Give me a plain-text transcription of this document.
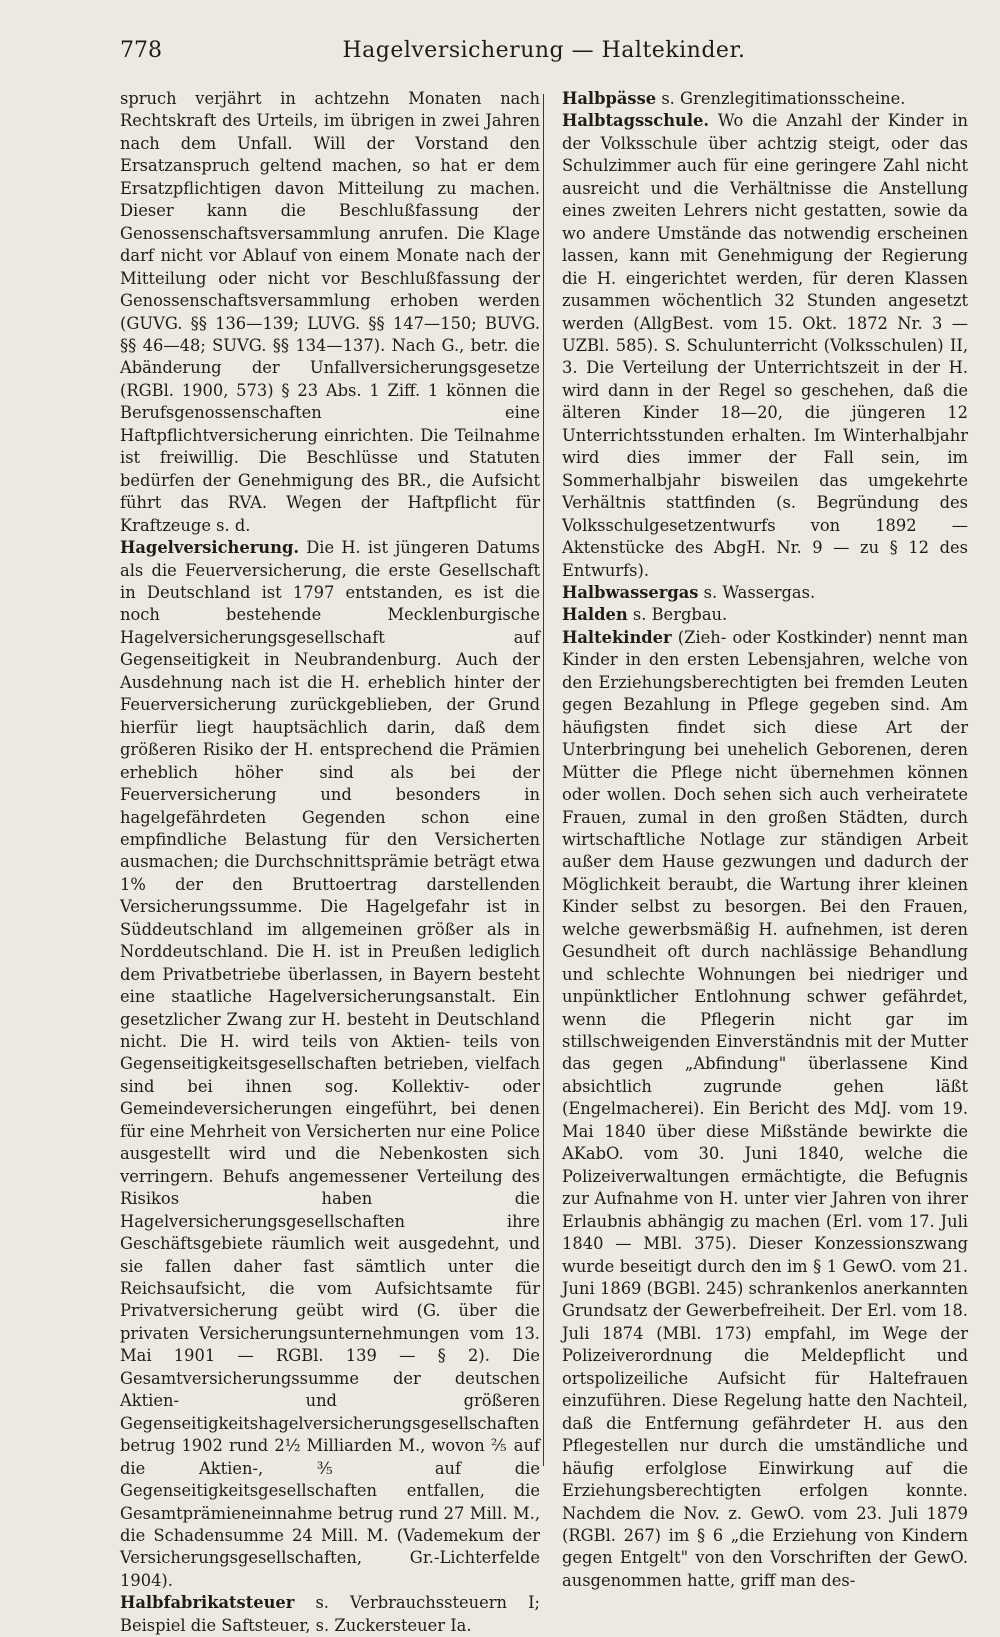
778	Hagelversicherung — Haltekinder.

spruch verjährt in achtzehn Monaten nach Rechtskraft des Urteils, im übrigen in zwei Jahren nach dem Unfall. Will der Vorstand den Ersatzanspruch geltend machen, so hat er dem Ersatzpflichtigen davon Mitteilung zu machen. Dieser kann die Beschlußfassung der Genossenschaftsversammlung anrufen. Die Klage darf nicht vor Ablauf von einem Monate nach der Mitteilung oder nicht vor Beschlußfassung der Genossenschaftsversammlung erhoben werden (GUVG. §§ 136—139; LUVG. §§ 147—150; BUVG. §§ 46—48; SUVG. §§ 134—137). Nach G., betr. die Abänderung der Unfallversicherungsgesetze (RGBl. 1900, 573) § 23 Abs. 1 Ziff. 1 können die Berufsgenossenschaften eine Haftpflichtversicherung einrichten. Die Teilnahme ist freiwillig. Die Beschlüsse und Statuten bedürfen der Genehmigung des BR., die Aufsicht führt das RVA. Wegen der Haftpflicht für Kraftzeuge s. d.

Hagelversicherung. Die H. ist jüngeren Datums als die Feuerversicherung, die erste Gesellschaft in Deutschland ist 1797 entstanden, es ist die noch bestehende Mecklenburgische Hagelversicherungsgesellschaft auf Gegenseitigkeit in Neubrandenburg. Auch der Ausdehnung nach ist die H. erheblich hinter der Feuerversicherung zurückgeblieben, der Grund hierfür liegt hauptsächlich darin, daß dem größeren Risiko der H. entsprechend die Prämien erheblich höher sind als bei der Feuerversicherung und besonders in hagelgefährdeten Gegenden schon eine empfindliche Belastung für den Versicherten ausmachen; die Durchschnittsprämie beträgt etwa 1% der den Bruttoertrag darstellenden Versicherungssumme. Die Hagelgefahr ist in Süddeutschland im allgemeinen größer als in Norddeutschland. Die H. ist in Preußen lediglich dem Privatbetriebe überlassen, in Bayern besteht eine staatliche Hagelversicherungsanstalt. Ein gesetzlicher Zwang zur H. besteht in Deutschland nicht. Die H. wird teils von Aktien- teils von Gegenseitigkeitsgesellschaften betrieben, vielfach sind bei ihnen sog. Kollektiv- oder Gemeindeversicherungen eingeführt, bei denen für eine Mehrheit von Versicherten nur eine Police ausgestellt wird und die Nebenkosten sich verringern. Behufs angemessener Verteilung des Risikos haben die Hagelversicherungsgesellschaften ihre Geschäftsgebiete räumlich weit ausgedehnt, und sie fallen daher fast sämtlich unter die Reichsaufsicht, die vom Aufsichtsamte für Privatversicherung geübt wird (G. über die privaten Versicherungsunternehmungen vom 13. Mai 1901 — RGBl. 139 — § 2). Die Gesamtversicherungssumme der deutschen Aktien- und größeren Gegenseitigkeitshagelversicherungsgesellschaften betrug 1902 rund 2½ Milliarden M., wovon ⅖ auf die Aktien-, ⅗ auf die Gegenseitigkeitsgesellschaften entfallen, die Gesamtprämieneinnahme betrug rund 27 Mill. M., die Schadensumme 24 Mill. M. (Vademekum der Versicherungsgesellschaften, Gr.-Lichterfelde 1904).

Halbfabrikatsteuer s. Verbrauchssteuern I; Beispiel die Saftsteuer, s. Zuckersteuer Ia.

Halbpässe s. Grenzlegitimationsscheine.

Halbtagsschule. Wo die Anzahl der Kinder in der Volksschule über achtzig steigt, oder das Schulzimmer auch für eine geringere Zahl nicht ausreicht und die Verhältnisse die Anstellung eines zweiten Lehrers nicht gestatten, sowie da wo andere Umstände das notwendig erscheinen lassen, kann mit Genehmigung der Regierung die H. eingerichtet werden, für deren Klassen zusammen wöchentlich 32 Stunden angesetzt werden (AllgBest. vom 15. Okt. 1872 Nr. 3 — UZBl. 585). S. Schulunterricht (Volksschulen) II, 3. Die Verteilung der Unterrichtszeit in der H. wird dann in der Regel so geschehen, daß die älteren Kinder 18—20, die jüngeren 12 Unterrichtsstunden erhalten. Im Winterhalbjahr wird dies immer der Fall sein, im Sommerhalbjahr bisweilen das umgekehrte Verhältnis stattfinden (s. Begründung des Volksschulgesetzentwurfs von 1892 — Aktenstücke des AbgH. Nr. 9 — zu § 12 des Entwurfs).

Halbwassergas s. Wassergas.

Halden s. Bergbau.

Haltekinder (Zieh- oder Kostkinder) nennt man Kinder in den ersten Lebensjahren, welche von den Erziehungsberechtigten bei fremden Leuten gegen Bezahlung in Pflege gegeben sind. Am häufigsten findet sich diese Art der Unterbringung bei unehelich Geborenen, deren Mütter die Pflege nicht übernehmen können oder wollen. Doch sehen sich auch verheiratete Frauen, zumal in den großen Städten, durch wirtschaftliche Notlage zur ständigen Arbeit außer dem Hause gezwungen und dadurch der Möglichkeit beraubt, die Wartung ihrer kleinen Kinder selbst zu besorgen. Bei den Frauen, welche gewerbsmäßig H. aufnehmen, ist deren Gesundheit oft durch nachlässige Behandlung und schlechte Wohnungen bei niedriger und unpünktlicher Entlohnung schwer gefährdet, wenn die Pflegerin nicht gar im stillschweigenden Einverständnis mit der Mutter das gegen „Abfindung" überlassene Kind absichtlich zugrunde gehen läßt (Engelmacherei). Ein Bericht des MdJ. vom 19. Mai 1840 über diese Mißstände bewirkte die AKabO. vom 30. Juni 1840, welche die Polizeiverwaltungen ermächtigte, die Befugnis zur Aufnahme von H. unter vier Jahren von ihrer Erlaubnis abhängig zu machen (Erl. vom 17. Juli 1840 — MBl. 375). Dieser Konzessionszwang wurde beseitigt durch den im § 1 GewO. vom 21. Juni 1869 (BGBl. 245) schrankenlos anerkannten Grundsatz der Gewerbefreiheit. Der Erl. vom 18. Juli 1874 (MBl. 173) empfahl, im Wege der Polizeiverordnung die Meldepflicht und ortspolizeiliche Aufsicht für Haltefrauen einzuführen. Diese Regelung hatte den Nachteil, daß die Entfernung gefährdeter H. aus den Pflegestellen nur durch die umständliche und häufig erfolglose Einwirkung auf die Erziehungsberechtigten erfolgen konnte. Nachdem die Nov. z. GewO. vom 23. Juli 1879 (RGBl. 267) im § 6 „die Erziehung von Kindern gegen Entgelt" von den Vorschriften der GewO. ausgenommen hatte, griff man des-
